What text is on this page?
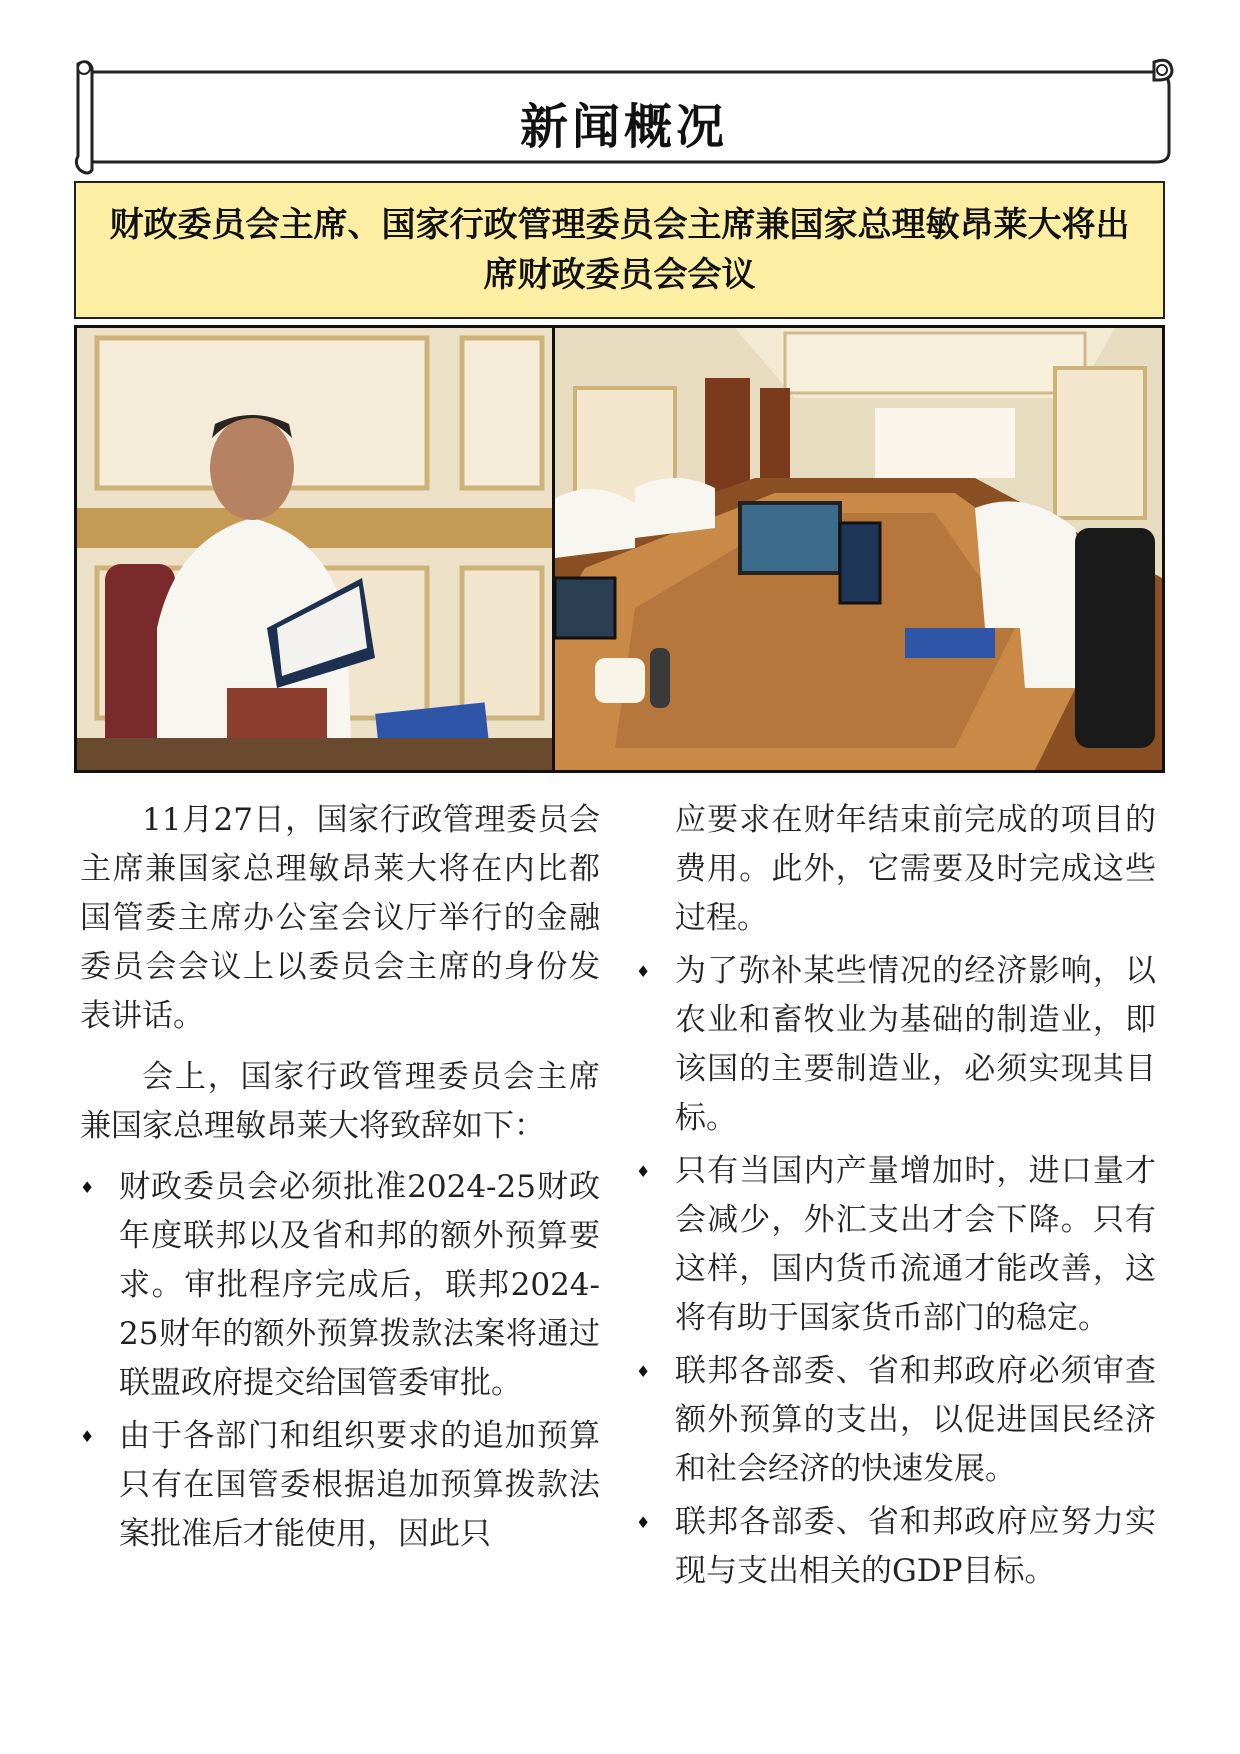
新闻概况
财政委员会主席、国家行政管理委员会主席兼国家总理敏昂莱大将出席财政委员会会议

11月27日，国家行政管理委员会主席兼国家总理敏昂莱大将在内比都国管委主席办公室会议厅举行的金融委员会会议上以委员会主席的身份发表讲话。

会上，国家行政管理委员会主席兼国家总理敏昂莱大将致辞如下：

♦ 财政委员会必须批准2024-25财政年度联邦以及省和邦的额外预算要求。审批程序完成后，联邦2024-25财年的额外预算拨款法案将通过联盟政府提交给国管委审批。
♦ 由于各部门和组织要求的追加预算只有在国管委根据追加预算拨款法案批准后才能使用，因此只

应要求在财年结束前完成的项目的费用。此外，它需要及时完成这些过程。

♦ 为了弥补某些情况的经济影响，以农业和畜牧业为基础的制造业，即该国的主要制造业，必须实现其目标。
♦ 只有当国内产量增加时，进口量才会减少，外汇支出才会下降。只有这样，国内货币流通才能改善，这将有助于国家货币部门的稳定。
♦ 联邦各部委、省和邦政府必须审查额外预算的支出，以促进国民经济和社会经济的快速发展。
♦ 联邦各部委、省和邦政府应努力实现与支出相关的GDP目标。
